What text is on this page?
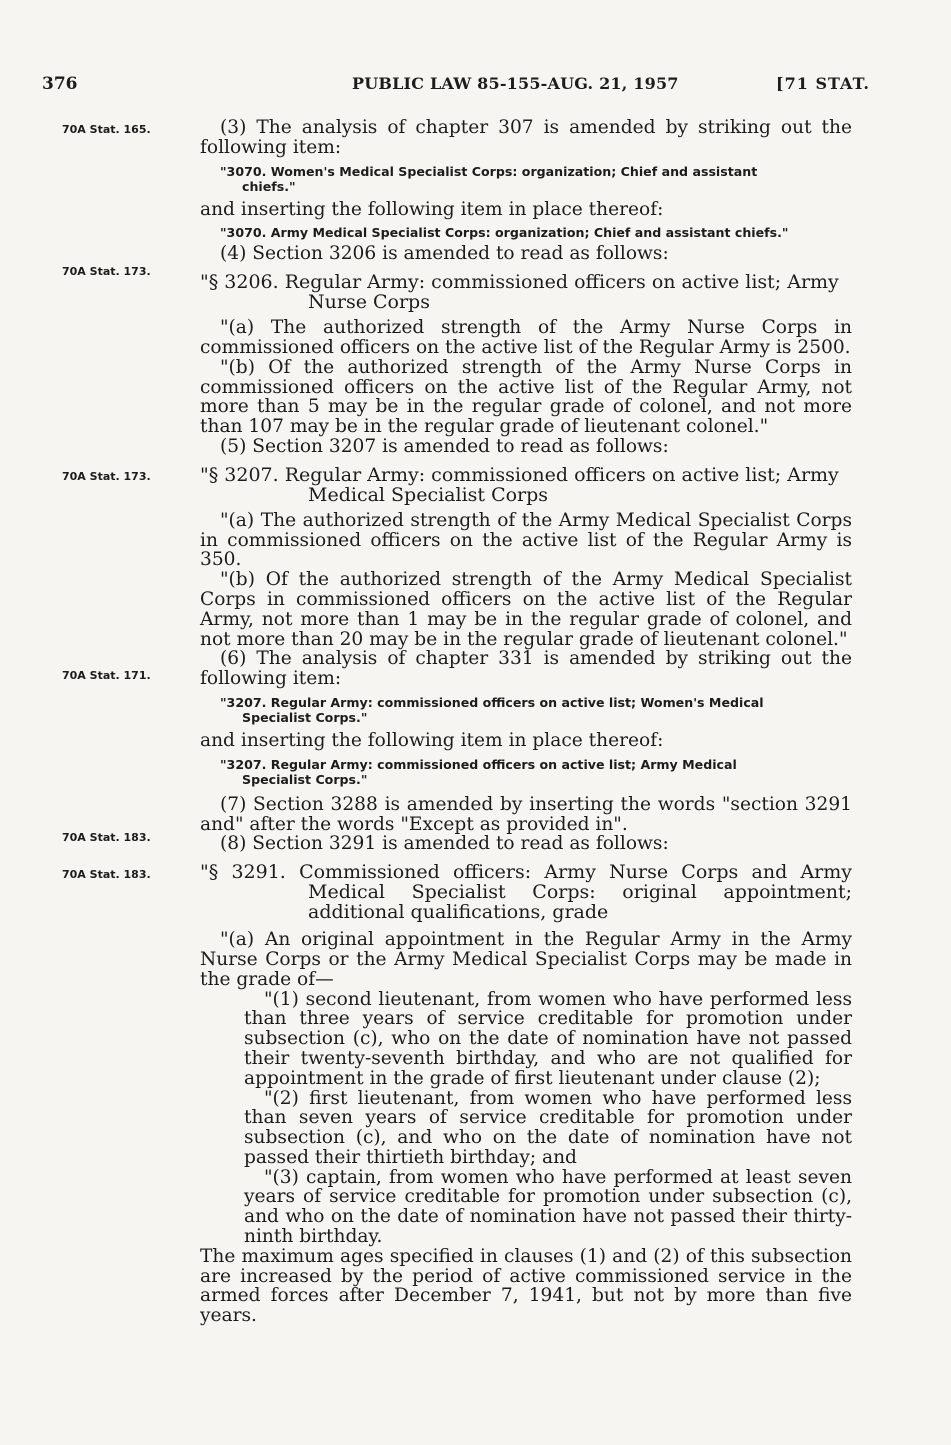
376	PUBLIC LAW 85-155-AUG. 21, 1957	[71 STAT.
70A Stat. 165.
70A Stat. 173.
70A Stat. 173.
70A Stat. 171.
70A Stat. 183.
70A Stat. 183.

(3) The analysis of chapter 307 is amended by striking out the following item:

"3070. Women's Medical Specialist Corps: organization; Chief and assistant
chiefs."

and inserting the following item in place thereof:

"3070. Army Medical Specialist Corps: organization; Chief and assistant chiefs."

(4) Section 3206 is amended to read as follows:

"§ 3206. Regular Army: commissioned officers on active list; Army
Nurse Corps

"(a) The authorized strength of the Army Nurse Corps in commissioned officers on the active list of the Regular Army is 2500.

"(b) Of the authorized strength of the Army Nurse Corps in commissioned officers on the active list of the Regular Army, not more than 5 may be in the regular grade of colonel, and not more than 107 may be in the regular grade of lieutenant colonel."

(5) Section 3207 is amended to read as follows:

"§ 3207. Regular Army: commissioned officers on active list; Army
Medical Specialist Corps

"(a) The authorized strength of the Army Medical Specialist Corps in commissioned officers on the active list of the Regular Army is 350.

"(b) Of the authorized strength of the Army Medical Specialist Corps in commissioned officers on the active list of the Regular Army, not more than 1 may be in the regular grade of colonel, and not more than 20 may be in the regular grade of lieutenant colonel."

(6) The analysis of chapter 331 is amended by striking out the following item:

"3207. Regular Army: commissioned officers on active list; Women's Medical
Specialist Corps."

and inserting the following item in place thereof:

"3207. Regular Army: commissioned officers on active list; Army Medical
Specialist Corps."

(7) Section 3288 is amended by inserting the words "section 3291 and" after the words "Except as provided in".

(8) Section 3291 is amended to read as follows:

"§ 3291. Commissioned officers: Army Nurse Corps and Army Medical Specialist Corps: original appointment; additional qualifications, grade

"(a) An original appointment in the Regular Army in the Army Nurse Corps or the Army Medical Specialist Corps may be made in the grade of—

"(1) second lieutenant, from women who have performed less than three years of service creditable for promotion under subsection (c), who on the date of nomination have not passed their twenty-seventh birthday, and who are not qualified for appointment in the grade of first lieutenant under clause (2);

"(2) first lieutenant, from women who have performed less than seven years of service creditable for promotion under subsection (c), and who on the date of nomination have not passed their thirtieth birthday; and

"(3) captain, from women who have performed at least seven years of service creditable for promotion under subsection (c), and who on the date of nomination have not passed their thirty-ninth birthday.

The maximum ages specified in clauses (1) and (2) of this subsection are increased by the period of active commissioned service in the armed forces after December 7, 1941, but not by more than five years.
